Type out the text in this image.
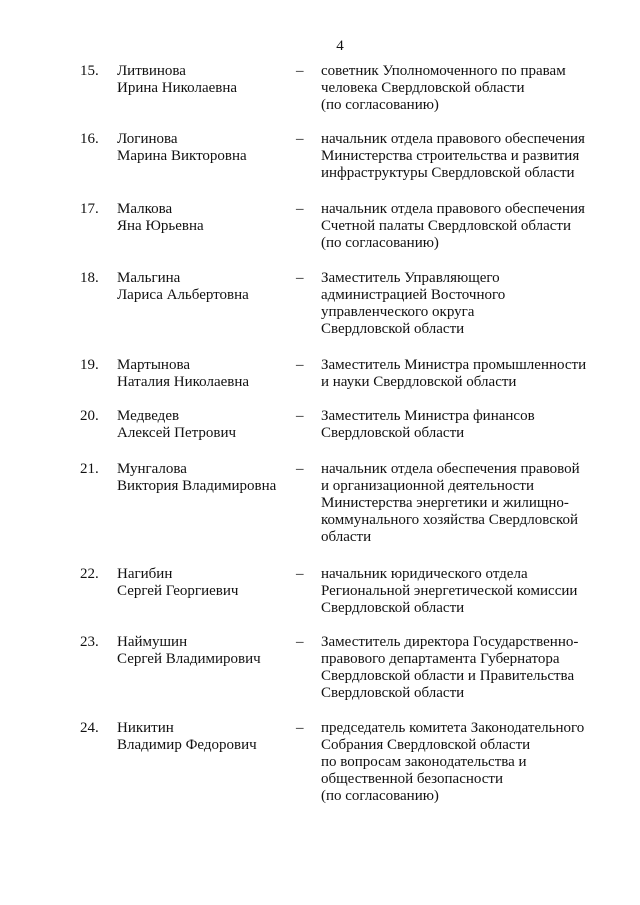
4
15.	Литвинова
Ирина Николаевна
–	советник Уполномоченного по правам
человека Свердловской области
(по согласованию)
16.	Логинова
Марина Викторовна
–	начальник отдела правового обеспечения
Министерства строительства и развития
инфраструктуры Свердловской области
17.	Малкова
Яна Юрьевна
–	начальник отдела правового обеспечения
Счетной палаты Свердловской области
(по согласованию)
18.	Мальгина
Лариса Альбертовна
–	Заместитель Управляющего
администрацией Восточного
управленческого округа
Свердловской области
19.	Мартынова
Наталия Николаевна
–	Заместитель Министра промышленности
и науки Свердловской области
20.	Медведев
Алексей Петрович
–	Заместитель Министра финансов
Свердловской области
21.	Мунгалова
Виктория Владимировна
–	начальник отдела обеспечения правовой
и организационной деятельности
Министерства энергетики и жилищно-
коммунального хозяйства Свердловской
области
22.	Нагибин
Сергей Георгиевич
–	начальник юридического отдела
Региональной энергетической комиссии
Свердловской области
23.	Наймушин
Сергей Владимирович
–	Заместитель директора Государственно-
правового департамента Губернатора
Свердловской области и Правительства
Свердловской области
24.	Никитин
Владимир Федорович
–	председатель комитета Законодательного
Собрания Свердловской области
по вопросам законодательства и
общественной безопасности
(по согласованию)
